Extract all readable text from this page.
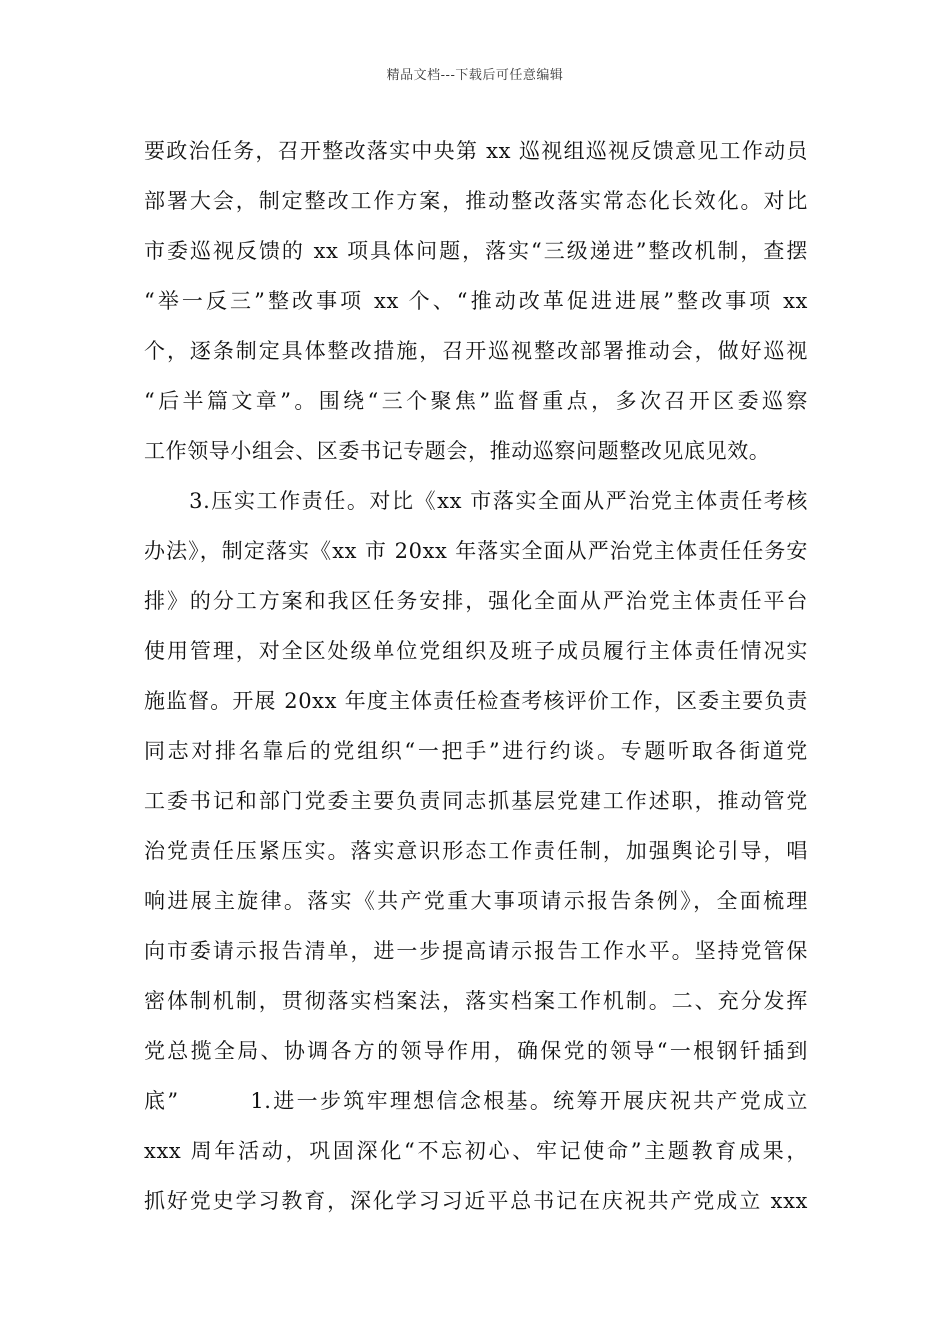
精品文档---下载后可任意编辑
要政治任务，召开整改落实中央第 xx 巡视组巡视反馈意见工作动员
部署大会，制定整改工作方案，推动整改落实常态化长效化。对比
市委巡视反馈的 xx 项具体问题，落实“三级递进”整改机制，查摆
“举一反三”整改事项 xx 个、“推动改革促进进展”整改事项 xx
个，逐条制定具体整改措施，召开巡视整改部署推动会，做好巡视
“后半篇文章”。围绕“三个聚焦”监督重点，多次召开区委巡察
工作领导小组会、区委书记专题会，推动巡察问题整改见底见效。
　　3.压实工作责任。对比《xx 市落实全面从严治党主体责任考核
办法》，制定落实《xx 市 20xx 年落实全面从严治党主体责任任务安
排》的分工方案和我区任务安排，强化全面从严治党主体责任平台
使用管理，对全区处级单位党组织及班子成员履行主体责任情况实
施监督。开展 20xx 年度主体责任检查考核评价工作，区委主要负责
同志对排名靠后的党组织“一把手”进行约谈。专题听取各街道党
工委书记和部门党委主要负责同志抓基层党建工作述职，推动管党
治党责任压紧压实。落实意识形态工作责任制，加强舆论引导，唱
响进展主旋律。落实《共产党重大事项请示报告条例》，全面梳理
向市委请示报告清单，进一步提高请示报告工作水平。坚持党管保
密体制机制，贯彻落实档案法，落实档案工作机制。二、充分发挥
党总揽全局、协调各方的领导作用，确保党的领导“一根钢钎插到
底”　　　1.进一步筑牢理想信念根基。统筹开展庆祝共产党成立
xxx 周年活动，巩固深化“不忘初心、牢记使命”主题教育成果，
抓好党史学习教育，深化学习习近平总书记在庆祝共产党成立 xxx
